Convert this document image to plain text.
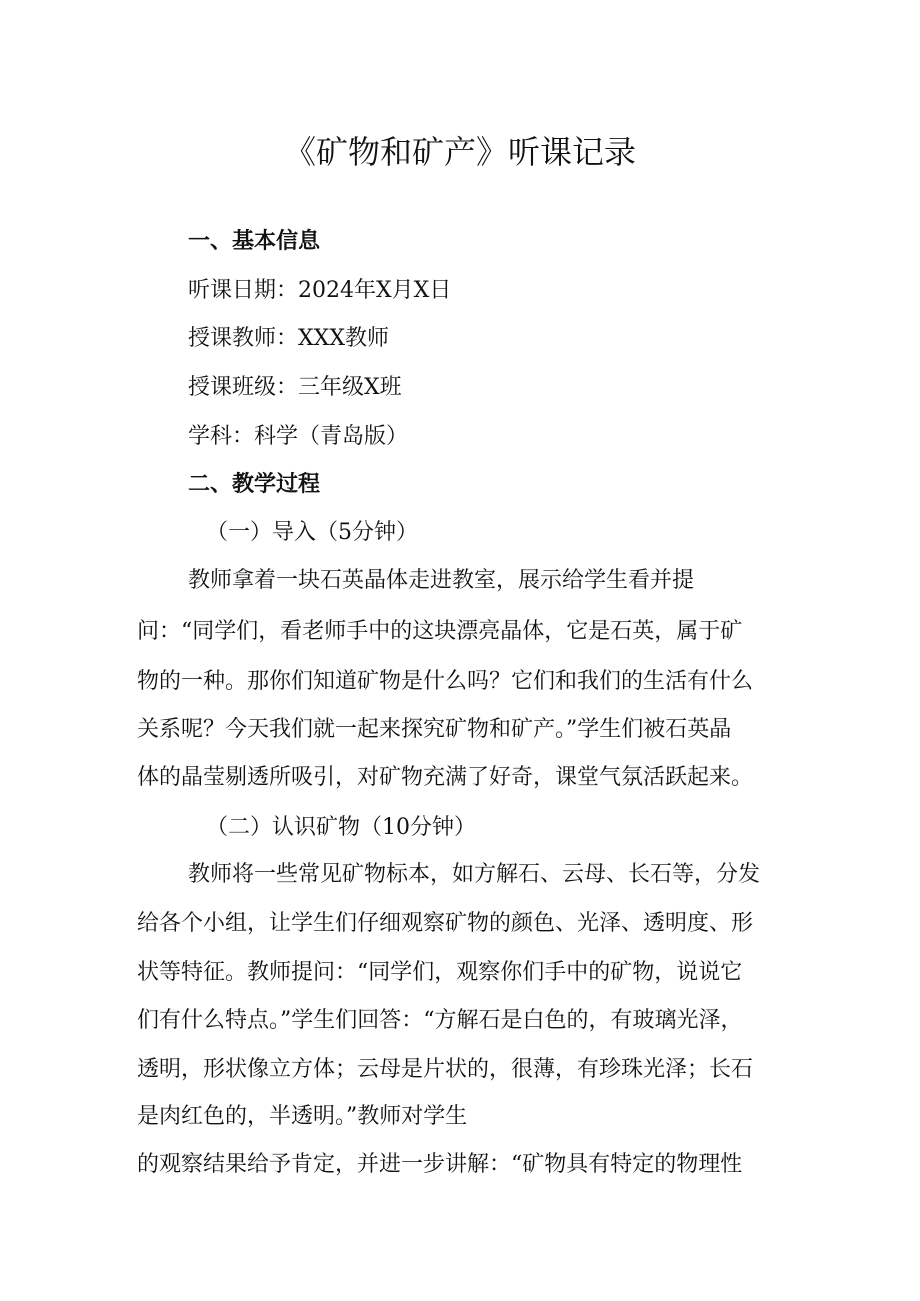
《矿物和矿产》听课记录
一、基本信息
听课日期：2024年X月X日
授课教师：XXX教师
授课班级：三年级X班
学科：科学（青岛版）
二、教学过程
（一）导入（5分钟）
教师拿着一块石英晶体走进教室，展示给学生看并提
问：“同学们，看老师手中的这块漂亮晶体，它是石英，属于矿
物的一种。那你们知道矿物是什么吗？它们和我们的生活有什么
关系呢？今天我们就一起来探究矿物和矿产。”学生们被石英晶
体的晶莹剔透所吸引，对矿物充满了好奇，课堂气氛活跃起来。
（二）认识矿物（10分钟）
教师将一些常见矿物标本，如方解石、云母、长石等，分发
给各个小组，让学生们仔细观察矿物的颜色、光泽、透明度、形
状等特征。教师提问：“同学们，观察你们手中的矿物，说说它
们有什么特点。”学生们回答：“方解石是白色的，有玻璃光泽，
透明，形状像立方体；云母是片状的，很薄，有珍珠光泽；长石
是肉红色的，半透明。”教师对学生
的观察结果给予肯定，并进一步讲解：“矿物具有特定的物理性
